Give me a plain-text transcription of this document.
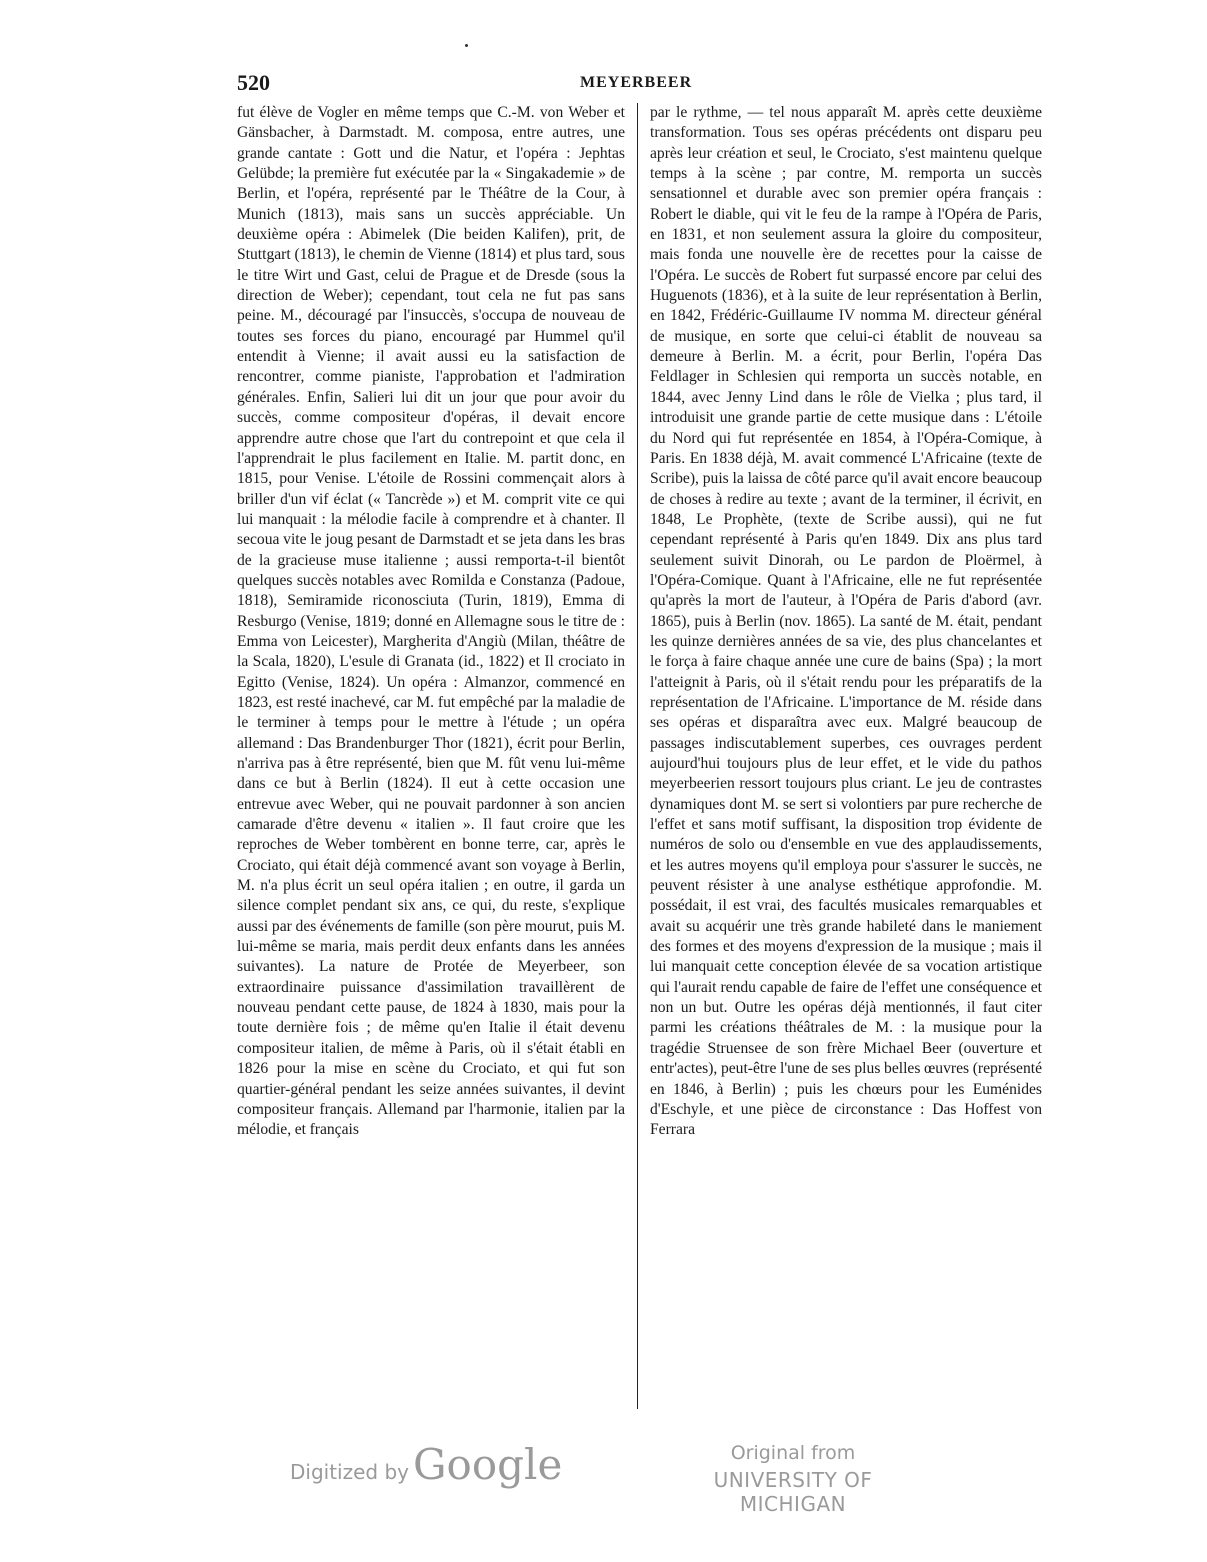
520	MEYERBEER

fut élève de Vogler en même temps que C.-M. von Weber et Gänsbacher, à Darmstadt. M. composa, entre autres, une grande cantate : Gott und die Natur, et l'opéra : Jephtas Gelübde; la première fut exécutée par la « Singakademie » de Berlin, et l'opéra, représenté par le Théâtre de la Cour, à Munich (1813), mais sans un succès appréciable. Un deuxième opéra : Abimelek (Die beiden Kalifen), prit, de Stuttgart (1813), le chemin de Vienne (1814) et plus tard, sous le titre Wirt und Gast, celui de Prague et de Dresde (sous la direction de Weber); cependant, tout cela ne fut pas sans peine. M., découragé par l'insuccès, s'occupa de nouveau de toutes ses forces du piano, encouragé par Hummel qu'il entendit à Vienne; il avait aussi eu la satisfaction de rencontrer, comme pianiste, l'approbation et l'admiration générales. Enfin, Salieri lui dit un jour que pour avoir du succès, comme compositeur d'opéras, il devait encore apprendre autre chose que l'art du contrepoint et que cela il l'apprendrait le plus facilement en Italie. M. partit donc, en 1815, pour Venise. L'étoile de Rossini commençait alors à briller d'un vif éclat (« Tancrède ») et M. comprit vite ce qui lui manquait : la mélodie facile à comprendre et à chanter. Il secoua vite le joug pesant de Darmstadt et se jeta dans les bras de la gracieuse muse italienne ; aussi remporta-t-il bientôt quelques succès notables avec Romilda e Constanza (Padoue, 1818), Semiramide riconosciuta (Turin, 1819), Emma di Resburgo (Venise, 1819; donné en Allemagne sous le titre de : Emma von Leicester), Margherita d'Angiù (Milan, théâtre de la Scala, 1820), L'esule di Granata (id., 1822) et Il crociato in Egitto (Venise, 1824). Un opéra : Almanzor, commencé en 1823, est resté inachevé, car M. fut empêché par la maladie de le terminer à temps pour le mettre à l'étude ; un opéra allemand : Das Brandenburger Thor (1821), écrit pour Berlin, n'arriva pas à être représenté, bien que M. fût venu lui-même dans ce but à Berlin (1824). Il eut à cette occasion une entrevue avec Weber, qui ne pouvait pardonner à son ancien camarade d'être devenu « italien ». Il faut croire que les reproches de Weber tombèrent en bonne terre, car, après le Crociato, qui était déjà commencé avant son voyage à Berlin, M. n'a plus écrit un seul opéra italien ; en outre, il garda un silence complet pendant six ans, ce qui, du reste, s'explique aussi par des événements de famille (son père mourut, puis M. lui-même se maria, mais perdit deux enfants dans les années suivantes). La nature de Protée de Meyerbeer, son extraordinaire puissance d'assimilation travaillèrent de nouveau pendant cette pause, de 1824 à 1830, mais pour la toute dernière fois ; de même qu'en Italie il était devenu compositeur italien, de même à Paris, où il s'était établi en 1826 pour la mise en scène du Crociato, et qui fut son quartier-général pendant les seize années suivantes, il devint compositeur français. Allemand par l'harmonie, italien par la mélodie, et français

par le rythme, — tel nous apparaît M. après cette deuxième transformation. Tous ses opéras précédents ont disparu peu après leur création et seul, le Crociato, s'est maintenu quelque temps à la scène ; par contre, M. remporta un succès sensationnel et durable avec son premier opéra français : Robert le diable, qui vit le feu de la rampe à l'Opéra de Paris, en 1831, et non seulement assura la gloire du compositeur, mais fonda une nouvelle ère de recettes pour la caisse de l'Opéra. Le succès de Robert fut surpassé encore par celui des Huguenots (1836), et à la suite de leur représentation à Berlin, en 1842, Frédéric-Guillaume IV nomma M. directeur général de musique, en sorte que celui-ci établit de nouveau sa demeure à Berlin. M. a écrit, pour Berlin, l'opéra Das Feldlager in Schlesien qui remporta un succès notable, en 1844, avec Jenny Lind dans le rôle de Vielka ; plus tard, il introduisit une grande partie de cette musique dans : L'étoile du Nord qui fut représentée en 1854, à l'Opéra-Comique, à Paris. En 1838 déjà, M. avait commencé L'Africaine (texte de Scribe), puis la laissa de côté parce qu'il avait encore beaucoup de choses à redire au texte ; avant de la terminer, il écrivit, en 1848, Le Prophète, (texte de Scribe aussi), qui ne fut cependant représenté à Paris qu'en 1849. Dix ans plus tard seulement suivit Dinorah, ou Le pardon de Ploërmel, à l'Opéra-Comique. Quant à l'Africaine, elle ne fut représentée qu'après la mort de l'auteur, à l'Opéra de Paris d'abord (avr. 1865), puis à Berlin (nov. 1865). La santé de M. était, pendant les quinze dernières années de sa vie, des plus chancelantes et le força à faire chaque année une cure de bains (Spa) ; la mort l'atteignit à Paris, où il s'était rendu pour les préparatifs de la représentation de l'Africaine. L'importance de M. réside dans ses opéras et disparaîtra avec eux. Malgré beaucoup de passages indiscutablement superbes, ces ouvrages perdent aujourd'hui toujours plus de leur effet, et le vide du pathos meyerbeerien ressort toujours plus criant. Le jeu de contrastes dynamiques dont M. se sert si volontiers par pure recherche de l'effet et sans motif suffisant, la disposition trop évidente de numéros de solo ou d'ensemble en vue des applaudissements, et les autres moyens qu'il employa pour s'assurer le succès, ne peuvent résister à une analyse esthétique approfondie. M. possédait, il est vrai, des facultés musicales remarquables et avait su acquérir une très grande habileté dans le maniement des formes et des moyens d'expression de la musique ; mais il lui manquait cette conception élevée de sa vocation artistique qui l'aurait rendu capable de faire de l'effet une conséquence et non un but. Outre les opéras déjà mentionnés, il faut citer parmi les créations théâtrales de M. : la musique pour la tragédie Struensee de son frère Michael Beer (ouverture et entr'actes), peut-être l'une de ses plus belles œuvres (représenté en 1846, à Berlin) ; puis les chœurs pour les Euménides d'Eschyle, et une pièce de circonstance : Das Hoffest von Ferrara

Digitized by Google	Original from
UNIVERSITY OF MICHIGAN
